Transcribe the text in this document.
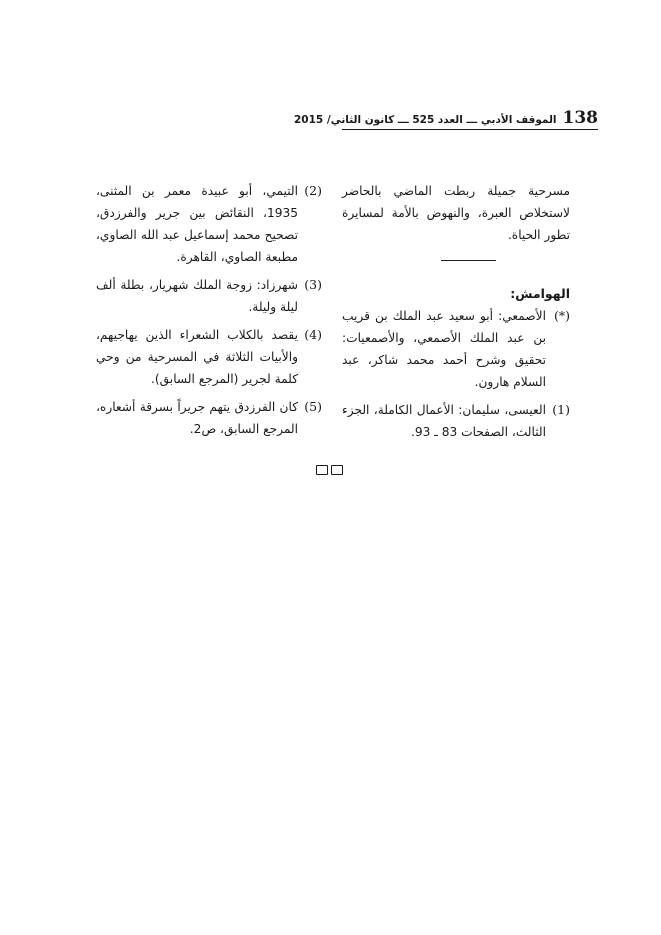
138
الموقف الأدبي ـــ العدد 525 ـــ كانون الثاني/ 2015

مسرحية جميلة ربطت الماضي بالحاضر لاستخلاص العبرة، والنهوض بالأمة لمسايرة تطور الحياة.

الهوامش:

(*)
الأصمعي: أبو سعيد عبد الملك بن قريب بن عبد الملك الأصمعي، والأصمعيات: تحقيق وشرح أحمد محمد شاكر، عبد السلام هارون.

(1)
العيسى، سليمان: الأعمال الكاملة، الجزء الثالث، الصفحات 83 ـ 93.

(2)
التيمي، أبو عبيدة معمر بن المثنى، 1935، النقائض بين جرير والفرزدق، تصحيح محمد إسماعيل عبد الله الصاوي، مطبعة الصاوي، القاهرة.

(3)
شهرزاد: زوجة الملك شهريار، بطلة ألف ليلة وليلة.

(4)
يقصد بالكلاب الشعراء الذين يهاجيهم، والأبيات الثلاثة في المسرحية من وحي كلمة لجرير (المرجع السابق).

(5)
كان الفرزدق يتهم جريراً بسرقة أشعاره، المرجع السابق، ص2.
